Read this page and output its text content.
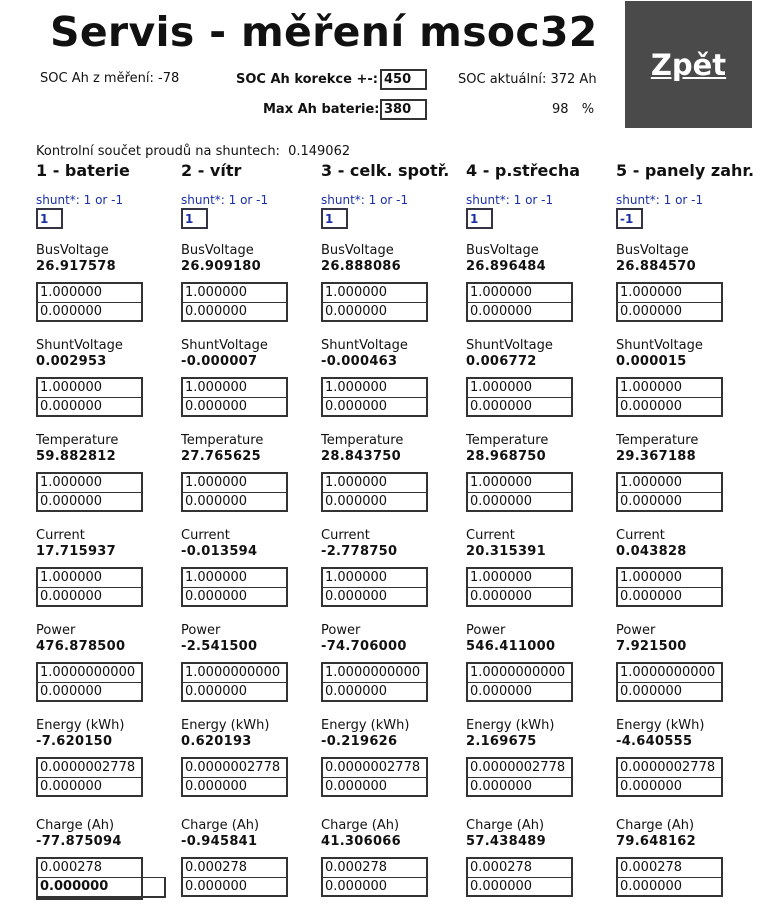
Servis - měření msoc32
Zpět
SOC Ah z měření: -78	SOC Ah korekce +-: 450	SOC aktuální: 372 Ah
Max Ah baterie: 380	98 %
Kontrolní součet proudů na shuntech: 0.149062
1 - baterie
shunt*: 1 or -1
1
BusVoltage
26.917578
1.000000
0.000000
ShuntVoltage
0.002953
1.000000
0.000000
Temperature
59.882812
1.000000
0.000000
Current
17.715937
1.000000
0.000000
Power
476.878500
1.0000000000
0.000000
Energy (kWh)
-7.620150
0.0000002778
0.000000
Charge (Ah)
-77.875094
0.000278
0.000000
2 - vítr
shunt*: 1 or -1
1
BusVoltage
26.909180
1.000000
0.000000
ShuntVoltage
-0.000007
1.000000
0.000000
Temperature
27.765625
1.000000
0.000000
Current
-0.013594
1.000000
0.000000
Power
-2.541500
1.0000000000
0.000000
Energy (kWh)
0.620193
0.0000002778
0.000000
Charge (Ah)
-0.945841
0.000278
0.000000
3 - celk. spotř.
shunt*: 1 or -1
1
BusVoltage
26.888086
1.000000
0.000000
ShuntVoltage
-0.000463
1.000000
0.000000
Temperature
28.843750
1.000000
0.000000
Current
-2.778750
1.000000
0.000000
Power
-74.706000
1.0000000000
0.000000
Energy (kWh)
-0.219626
0.0000002778
0.000000
Charge (Ah)
41.306066
0.000278
0.000000
4 - p.střecha
shunt*: 1 or -1
1
BusVoltage
26.896484
1.000000
0.000000
ShuntVoltage
0.006772
1.000000
0.000000
Temperature
28.968750
1.000000
0.000000
Current
20.315391
1.000000
0.000000
Power
546.411000
1.0000000000
0.000000
Energy (kWh)
2.169675
0.0000002778
0.000000
Charge (Ah)
57.438489
0.000278
0.000000
5 - panely zahr.
shunt*: 1 or -1
-1
BusVoltage
26.884570
1.000000
0.000000
ShuntVoltage
0.000015
1.000000
0.000000
Temperature
29.367188
1.000000
0.000000
Current
0.043828
1.000000
0.000000
Power
7.921500
1.0000000000
0.000000
Energy (kWh)
-4.640555
0.0000002778
0.000000
Charge (Ah)
79.648162
0.000278
0.000000
